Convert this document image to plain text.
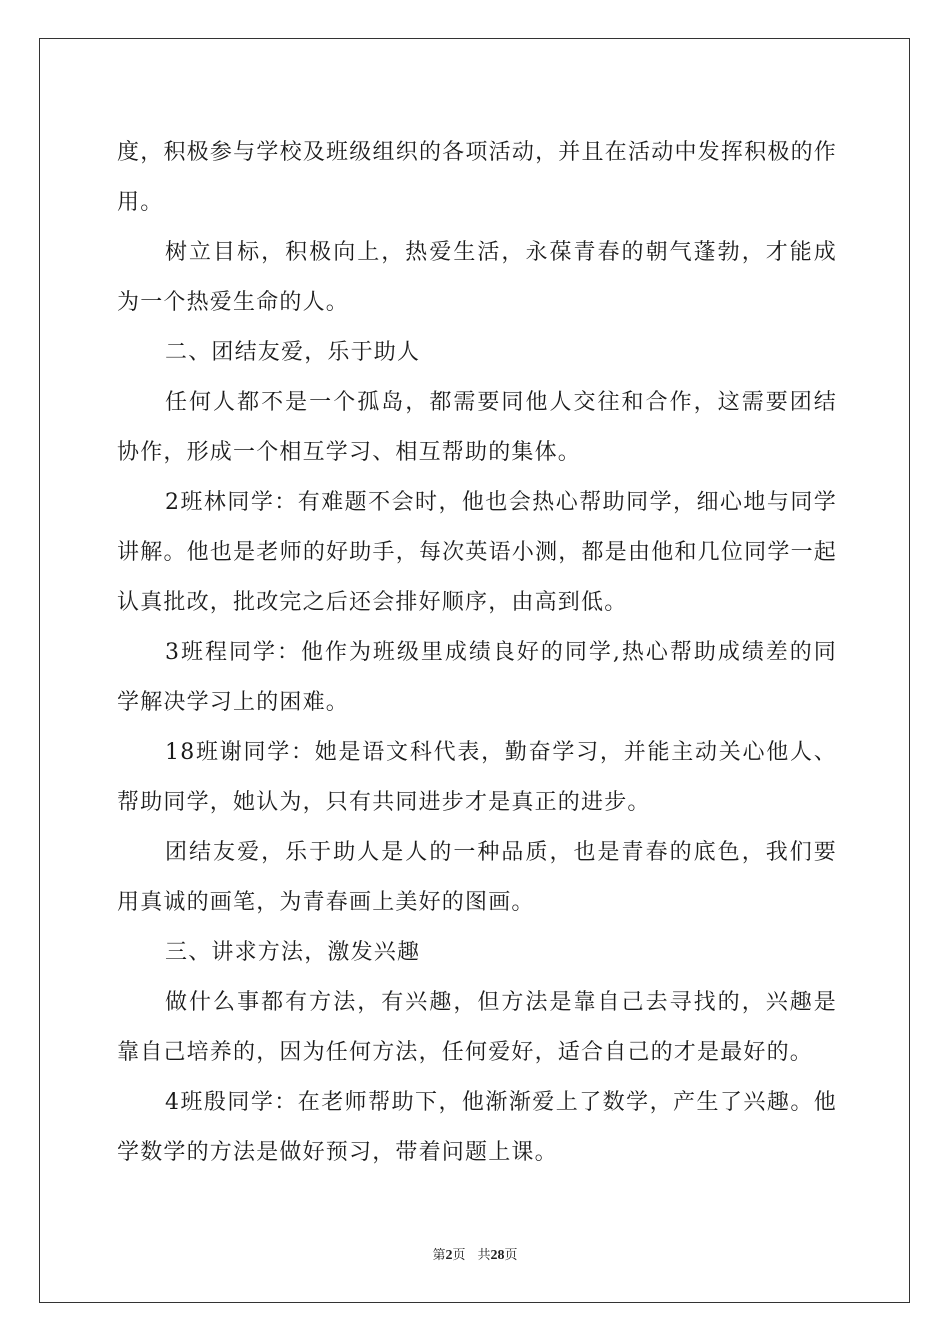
度，积极参与学校及班级组织的各项活动，并且在活动中发挥积极的作用。

树立目标，积极向上，热爱生活，永葆青春的朝气蓬勃，才能成为一个热爱生命的人。

二、团结友爱，乐于助人

任何人都不是一个孤岛，都需要同他人交往和合作，这需要团结协作，形成一个相互学习、相互帮助的集体。

2班林同学：有难题不会时，他也会热心帮助同学，细心地与同学讲解。他也是老师的好助手，每次英语小测，都是由他和几位同学一起认真批改，批改完之后还会排好顺序，由高到低。

3班程同学：他作为班级里成绩良好的同学,热心帮助成绩差的同学解决学习上的困难。

18班谢同学：她是语文科代表，勤奋学习，并能主动关心他人、帮助同学，她认为，只有共同进步才是真正的进步。

团结友爱，乐于助人是人的一种品质，也是青春的底色，我们要用真诚的画笔，为青春画上美好的图画。

三、讲求方法，激发兴趣

做什么事都有方法，有兴趣，但方法是靠自己去寻找的，兴趣是靠自己培养的，因为任何方法，任何爱好，适合自己的才是最好的。

4班殷同学：在老师帮助下，他渐渐爱上了数学，产生了兴趣。他学数学的方法是做好预习，带着问题上课。

第2页 共28页
